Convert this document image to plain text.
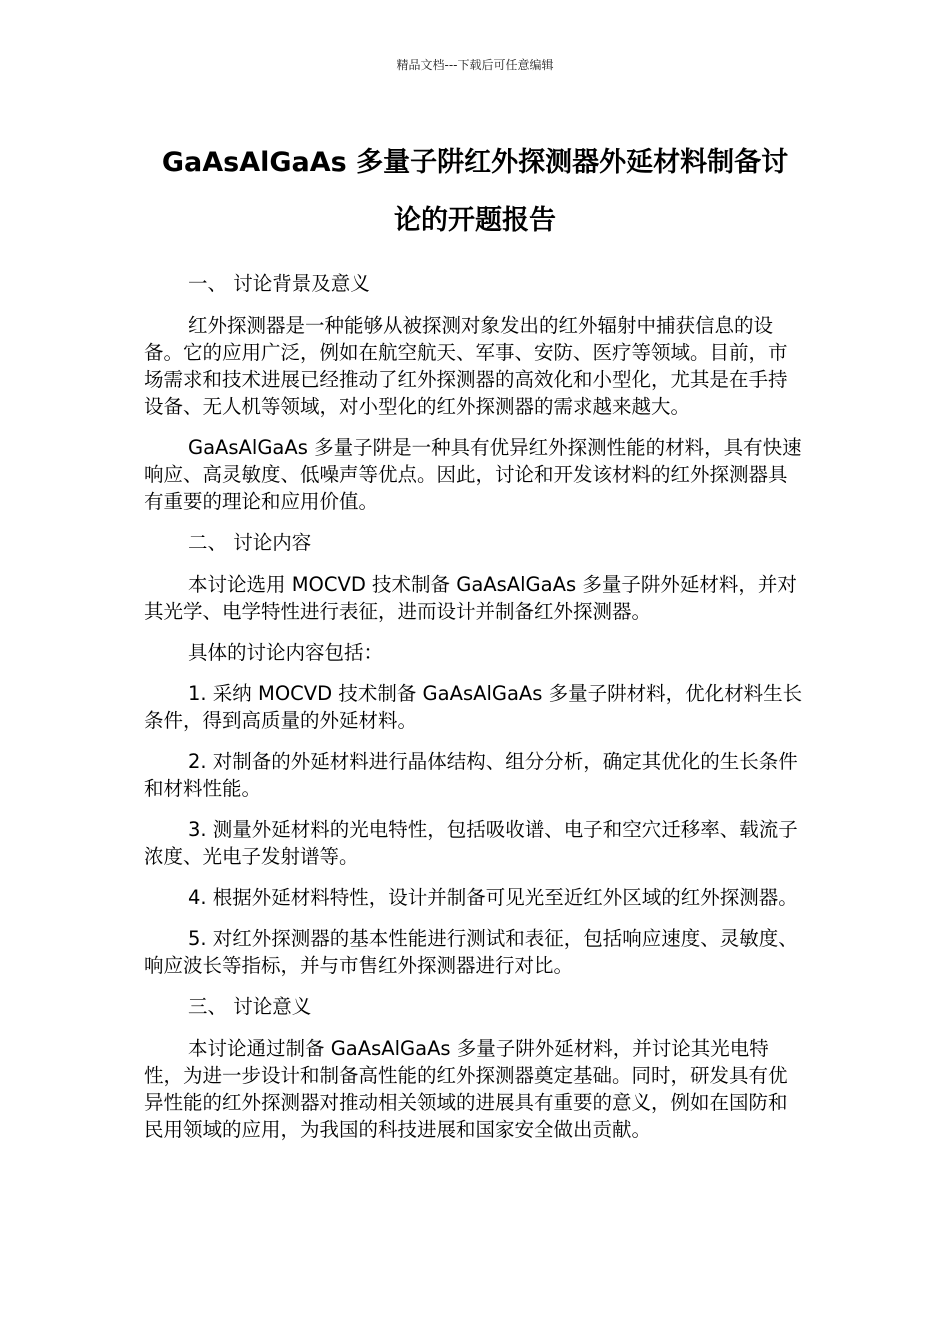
精品文档---下载后可任意编辑
GaAsAlGaAs 多量子阱红外探测器外延材料制备讨
论的开题报告

一、 讨论背景及意义

红外探测器是一种能够从被探测对象发出的红外辐射中捕获信息的设备。它的应用广泛，例如在航空航天、军事、安防、医疗等领域。目前，市场需求和技术进展已经推动了红外探测器的高效化和小型化，尤其是在手持设备、无人机等领域，对小型化的红外探测器的需求越来越大。

GaAsAlGaAs 多量子阱是一种具有优异红外探测性能的材料，具有快速响应、高灵敏度、低噪声等优点。因此，讨论和开发该材料的红外探测器具有重要的理论和应用价值。

二、 讨论内容

本讨论选用 MOCVD 技术制备 GaAsAlGaAs 多量子阱外延材料，并对其光学、电学特性进行表征，进而设计并制备红外探测器。

具体的讨论内容包括：

1. 采纳 MOCVD 技术制备 GaAsAlGaAs 多量子阱材料，优化材料生长条件，得到高质量的外延材料。

2. 对制备的外延材料进行晶体结构、组分分析，确定其优化的生长条件和材料性能。

3. 测量外延材料的光电特性，包括吸收谱、电子和空穴迁移率、载流子浓度、光电子发射谱等。

4. 根据外延材料特性，设计并制备可见光至近红外区域的红外探测器。

5. 对红外探测器的基本性能进行测试和表征，包括响应速度、灵敏度、响应波长等指标，并与市售红外探测器进行对比。

三、 讨论意义

本讨论通过制备 GaAsAlGaAs 多量子阱外延材料，并讨论其光电特性，为进一步设计和制备高性能的红外探测器奠定基础。同时，研发具有优异性能的红外探测器对推动相关领域的进展具有重要的意义，例如在国防和民用领域的应用，为我国的科技进展和国家安全做出贡献。
